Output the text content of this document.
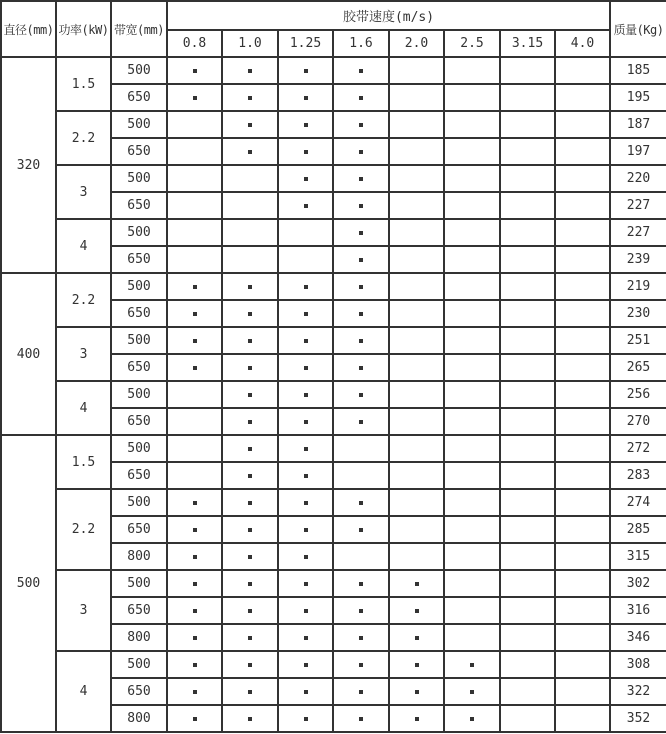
直径(mm)	功率(kW)	带宽(mm)	胶带速度(m/s)								质量(Kg)
			0.8	1.0	1.25	1.6	2.0	2.5	3.15	4.0	
320	1.5	500									185
		650									195
	2.2	500									187
		650									197
	3	500									220
		650									227
	4	500									227
		650									239
400	2.2	500									219
		650									230
	3	500									251
		650									265
	4	500									256
		650									270
500	1.5	500									272
		650									283
	2.2	500									274
		650									285
		800									315
	3	500									302
		650									316
		800									346
	4	500									308
		650									322
		800									352
